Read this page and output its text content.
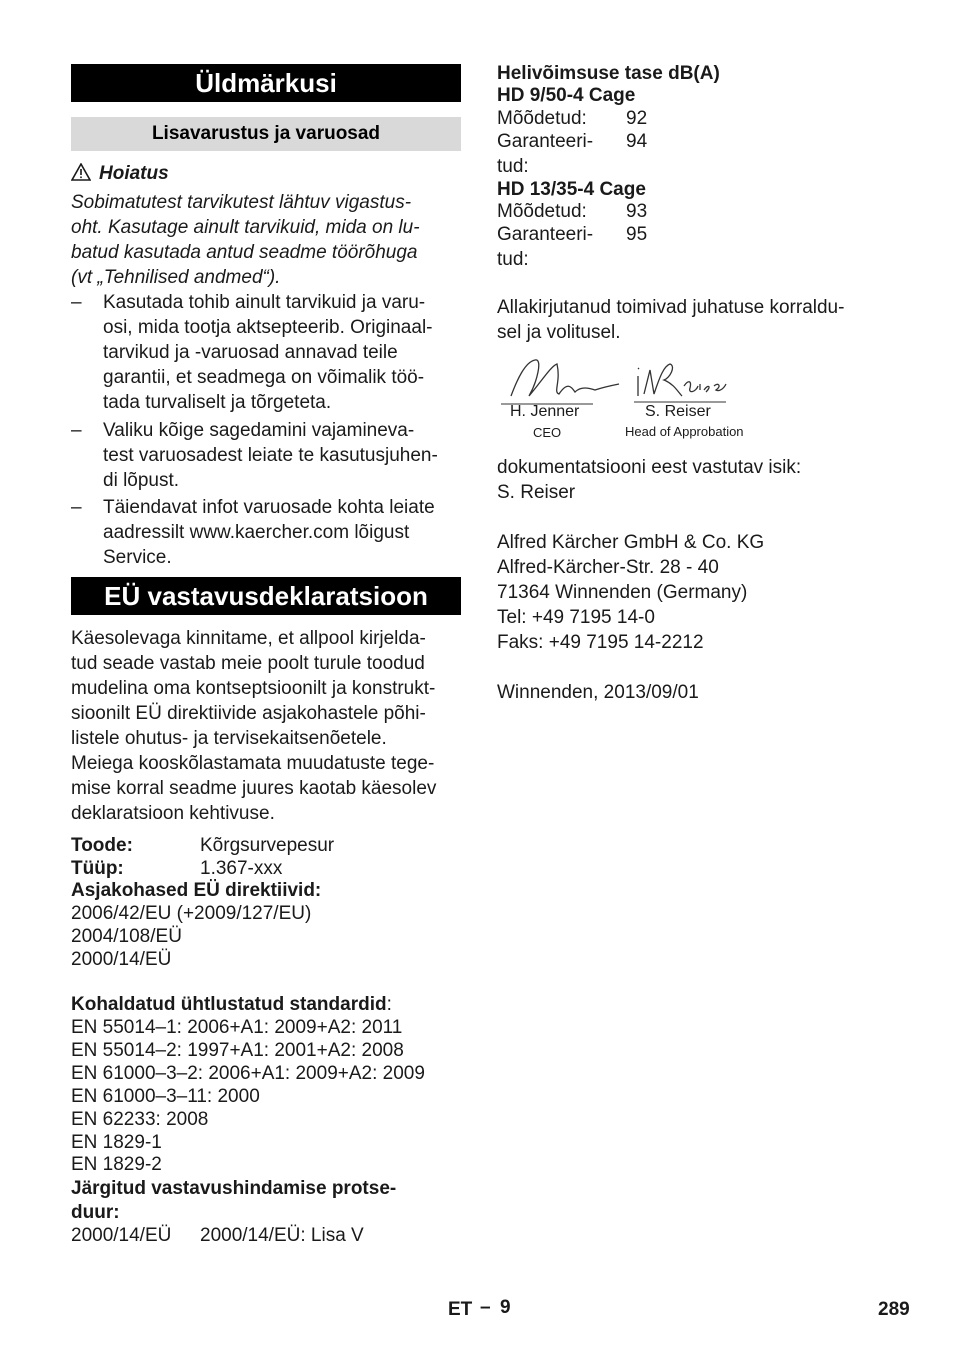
Üldmärkusi
Lisavarustus ja varuosad
Hoiatus
Sobimatutest tarvikutest lähtuv vigastus-
oht. Kasutage ainult tarvikuid, mida on lu-
batud kasutada antud seadme töörõhuga
(vt „Tehnilised andmed“).
–	Kasutada tohib ainult tarvikuid ja varu-
osi, mida tootja aktsepteerib. Originaal-
tarvikud ja -varuosad annavad teile
garantii, et seadmega on võimalik töö-
tada turvaliselt ja tõrgeteta.
–	Valiku kõige sagedamini vajamineva-
test varuosadest leiate te kasutusjuhen-
di lõpust.
–	Täiendavat infot varuosade kohta leiate
aadressilt www.kaercher.com lõigust
Service.
EÜ vastavusdeklaratsioon
Käesolevaga kinnitame, et allpool kirjelda-
tud seade vastab meie poolt turule toodud
mudelina oma kontseptsioonilt ja konstrukt-
sioonilt EÜ direktiivide asjakohastele põhi-
listele ohutus- ja tervisekaitsenõetele.
Meiega kooskõlastamata muudatuste tege-
mise korral seadme juures kaotab käesolev
deklaratsioon kehtivuse.
Toode:	Kõrgsurvepesur
Tüüp:	1.367-xxx
Asjakohased EÜ direktiivid:
2006/42/EU (+2009/127/EU)
2004/108/EÜ
2000/14/EÜ
Kohaldatud ühtlustatud standardid:
EN 55014–1: 2006+A1: 2009+A2: 2011
EN 55014–2: 1997+A1: 2001+A2: 2008
EN 61000–3–2: 2006+A1: 2009+A2: 2009
EN 61000–3–11: 2000
EN 62233: 2008
EN 1829-1
EN 1829-2
Järgitud vastavushindamise protse-
duur:
2000/14/EÜ 2000/14/EÜ: Lisa V
Helivõimsuse tase dB(A)
HD 9/50-4 Cage
Mõõdetud: 92
Garanteeri- 94
tud:
HD 13/35-4 Cage
Mõõdetud: 93
Garanteeri- 95
tud:
Allakirjutanud toimivad juhatuse korraldu-
sel ja volitusel.
H. Jenner
CEO
S. Reiser
Head of Approbation
dokumentatsiooni eest vastutav isik:
S. Reiser
Alfred Kärcher GmbH & Co. KG
Alfred-Kärcher-Str. 28 - 40
71364 Winnenden (Germany)
Tel: +49 7195 14-0
Faks: +49 7195 14-2212
Winnenden, 2013/09/01
ET – 9	289
